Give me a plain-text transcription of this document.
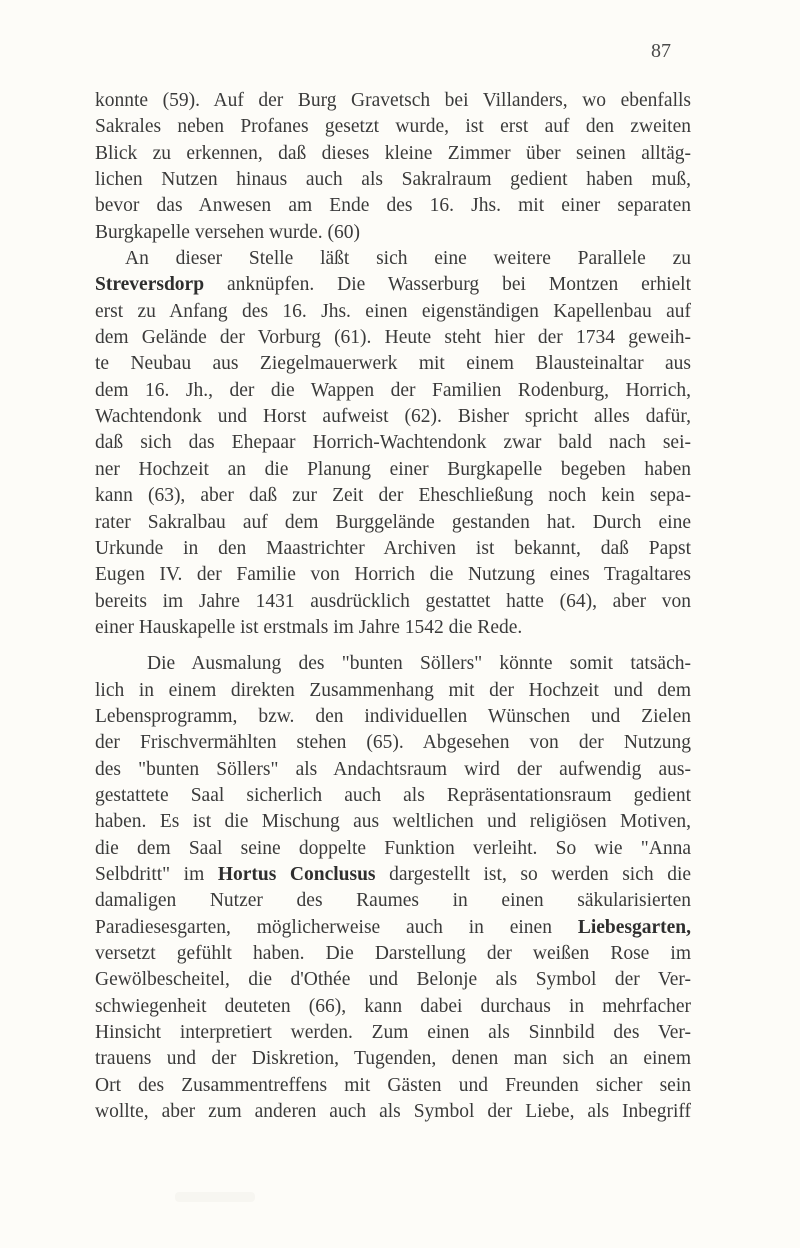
87
konnte (59). Auf der Burg Gravetsch bei Villanders, wo ebenfalls
Sakrales neben Profanes gesetzt wurde, ist erst auf den zweiten
Blick zu erkennen, daß dieses kleine Zimmer über seinen alltäg-
lichen Nutzen hinaus auch als Sakralraum gedient haben muß,
bevor das Anwesen am Ende des 16. Jhs. mit einer separaten
Burgkapelle versehen wurde. (60)
An dieser Stelle läßt sich eine weitere Parallele zu
Streversdorp anknüpfen. Die Wasserburg bei Montzen erhielt
erst zu Anfang des 16. Jhs. einen eigenständigen Kapellenbau auf
dem Gelände der Vorburg (61). Heute steht hier der 1734 geweih-
te Neubau aus Ziegelmauerwerk mit einem Blausteinaltar aus
dem 16. Jh., der die Wappen der Familien Rodenburg, Horrich,
Wachtendonk und Horst aufweist (62). Bisher spricht alles dafür,
daß sich das Ehepaar Horrich-Wachtendonk zwar bald nach sei-
ner Hochzeit an die Planung einer Burgkapelle begeben haben
kann (63), aber daß zur Zeit der Eheschließung noch kein sepa-
rater Sakralbau auf dem Burggelände gestanden hat. Durch eine
Urkunde in den Maastrichter Archiven ist bekannt, daß Papst
Eugen IV. der Familie von Horrich die Nutzung eines Tragaltares
bereits im Jahre 1431 ausdrücklich gestattet hatte (64), aber von
einer Hauskapelle ist erstmals im Jahre 1542 die Rede.
Die Ausmalung des "bunten Söllers" könnte somit tatsäch-
lich in einem direkten Zusammenhang mit der Hochzeit und dem
Lebensprogramm, bzw. den individuellen Wünschen und Zielen
der Frischvermählten stehen (65). Abgesehen von der Nutzung
des "bunten Söllers" als Andachtsraum wird der aufwendig aus-
gestattete Saal sicherlich auch als Repräsentationsraum gedient
haben. Es ist die Mischung aus weltlichen und religiösen Motiven,
die dem Saal seine doppelte Funktion verleiht. So wie "Anna
Selbdritt" im Hortus Conclusus dargestellt ist, so werden sich die
damaligen Nutzer des Raumes in einen säkularisierten
Paradiesesgarten, möglicherweise auch in einen Liebesgarten,
versetzt gefühlt haben. Die Darstellung der weißen Rose im
Gewölbescheitel, die d'Othée und Belonje als Symbol der Ver-
schwiegenheit deuteten (66), kann dabei durchaus in mehrfacher
Hinsicht interpretiert werden. Zum einen als Sinnbild des Ver-
trauens und der Diskretion, Tugenden, denen man sich an einem
Ort des Zusammentreffens mit Gästen und Freunden sicher sein
wollte, aber zum anderen auch als Symbol der Liebe, als Inbegriff
